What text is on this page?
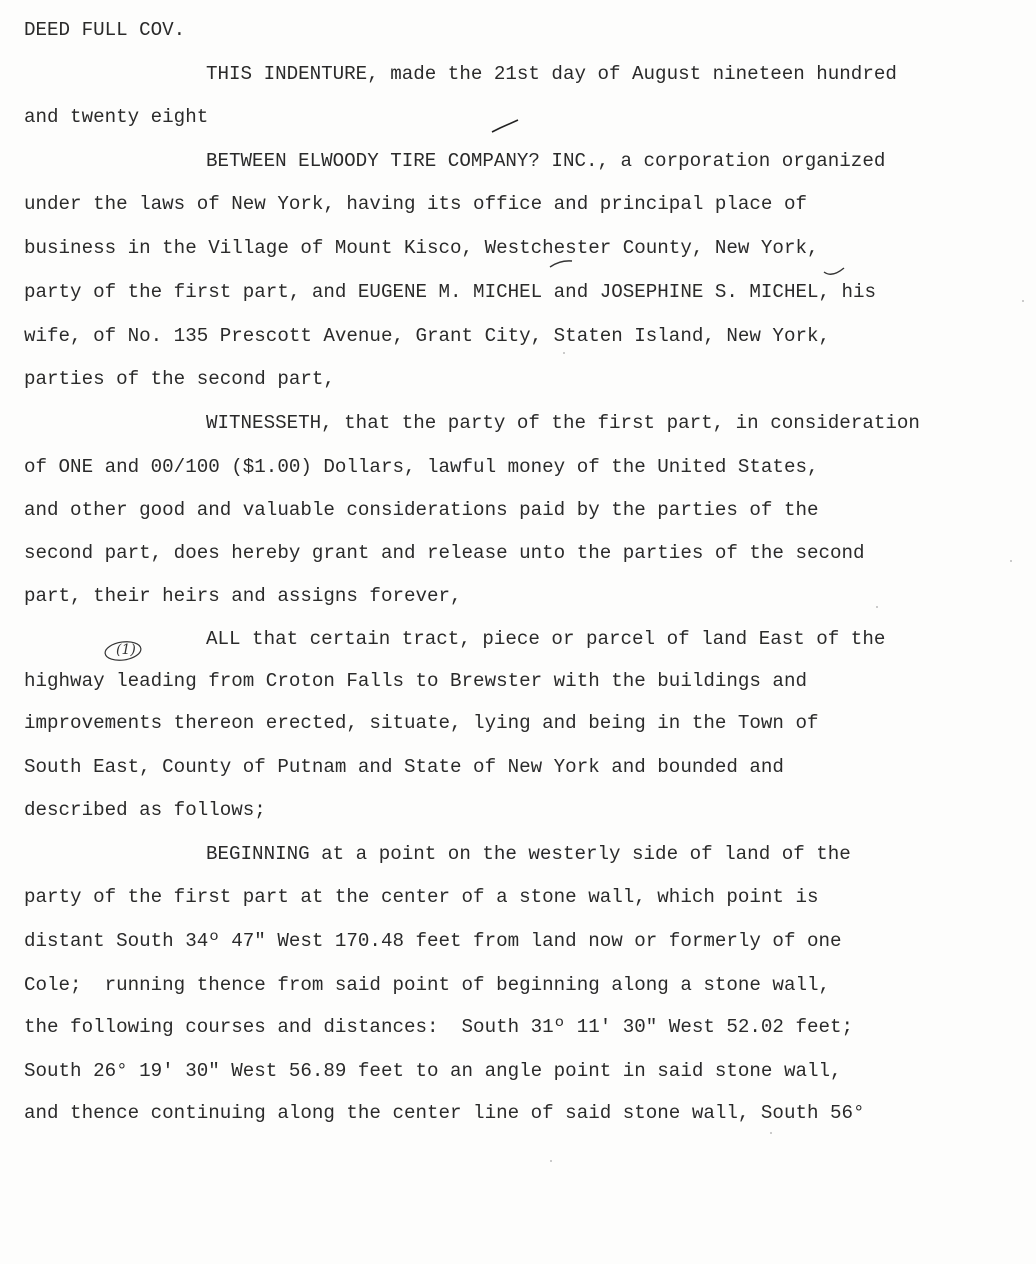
DEED FULL COV.
THIS INDENTURE, made the 21st day of August nineteen hundred
and twenty eight
BETWEEN ELWOODY TIRE COMPANY? INC., a corporation organized
under the laws of New York, having its office and principal place of
business in the Village of Mount Kisco, Westchester County, New York,
party of the first part, and EUGENE M. MICHEL and JOSEPHINE S. MICHEL, his
wife, of No. 135 Prescott Avenue, Grant City, Staten Island, New York,
parties of the second part,
WITNESSETH, that the party of the first part, in consideration
of ONE and 00/100 ($1.00) Dollars, lawful money of the United States,
and other good and valuable considerations paid by the parties of the
second part, does hereby grant and release unto the parties of the second
part, their heirs and assigns forever,
ALL that certain tract, piece or parcel of land East of the
highway leading from Croton Falls to Brewster with the buildings and
improvements thereon erected, situate, lying and being in the Town of
South East, County of Putnam and State of New York and bounded and
described as follows;
BEGINNING at a point on the westerly side of land of the
party of the first part at the center of a stone wall, which point is
distant South 34º 47" West 170.48 feet from land now or formerly of one
Cole;  running thence from said point of beginning along a stone wall,
the following courses and distances:  South 31º 11' 30" West 52.02 feet;
South 26° 19' 30" West 56.89 feet to an angle point in said stone wall,
and thence continuing along the center line of said stone wall, South 56°
(1)
